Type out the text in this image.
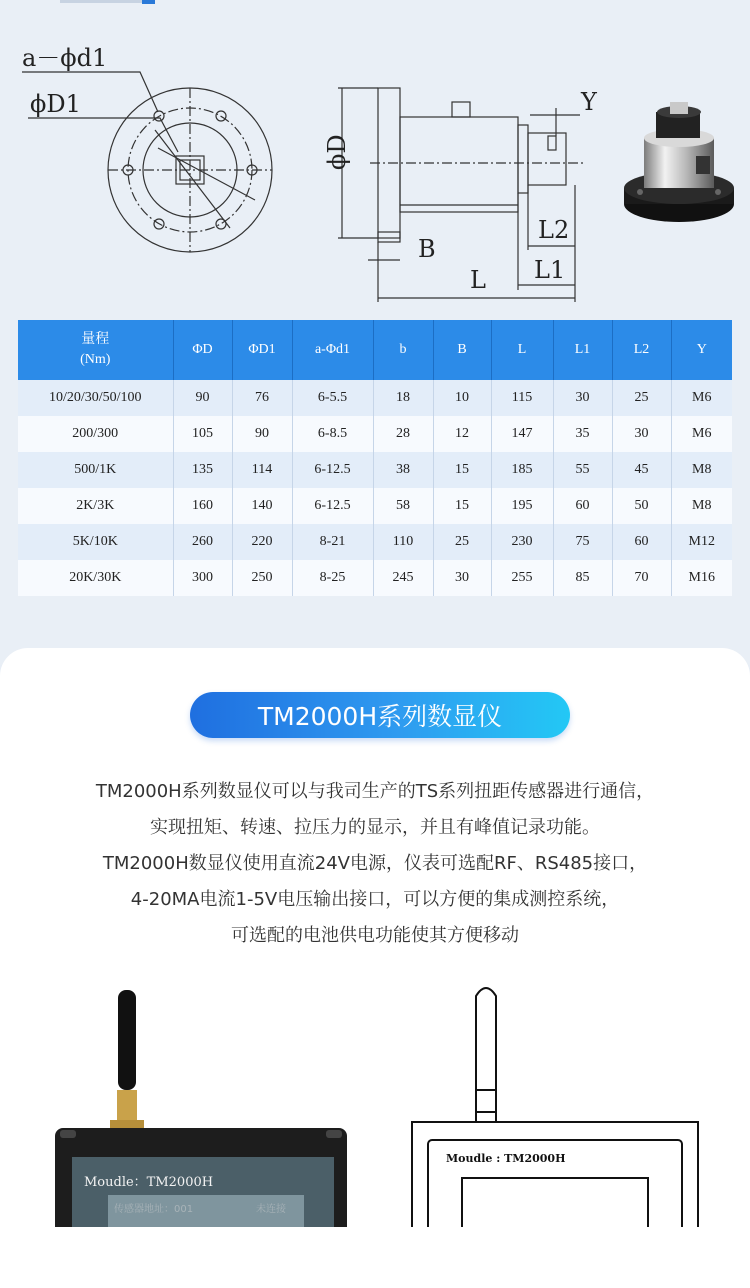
a－ϕd1
ϕD1
ϕD
Y
B
L L1
L2
量程
(Nm)	ΦD	ΦD1	a-Φd1	b	B	L	L1	L2	Y
10/20/30/50/100	90	76	6-5.5	18	10	115	30	25	M6
200/300	105	90	6-8.5	28	12	147	35	30	M6
500/1K	135	114	6-12.5	38	15	185	55	45	M8
2K/3K	160	140	6-12.5	58	15	195	60	50	M8
5K/10K	260	220	8-21	110	25	230	75	60	M12
20K/30K	300	250	8-25	245	30	255	85	70	M16
TM2000H系列数显仪
TM2000H系列数显仪可以与我司生产的TS系列扭距传感器进行通信，
实现扭矩、转速、拉压力的显示，并且有峰值记录功能。
TM2000H数显仪使用直流24V电源，仪表可选配RF、RS485接口，
4-20MA电流1-5V电压输出接口，可以方便的集成测控系统，
可选配的电池供电功能使其方便移动
Moudle：TM2000H
传感器地址：001	未连接
Moudle : TM2000H
